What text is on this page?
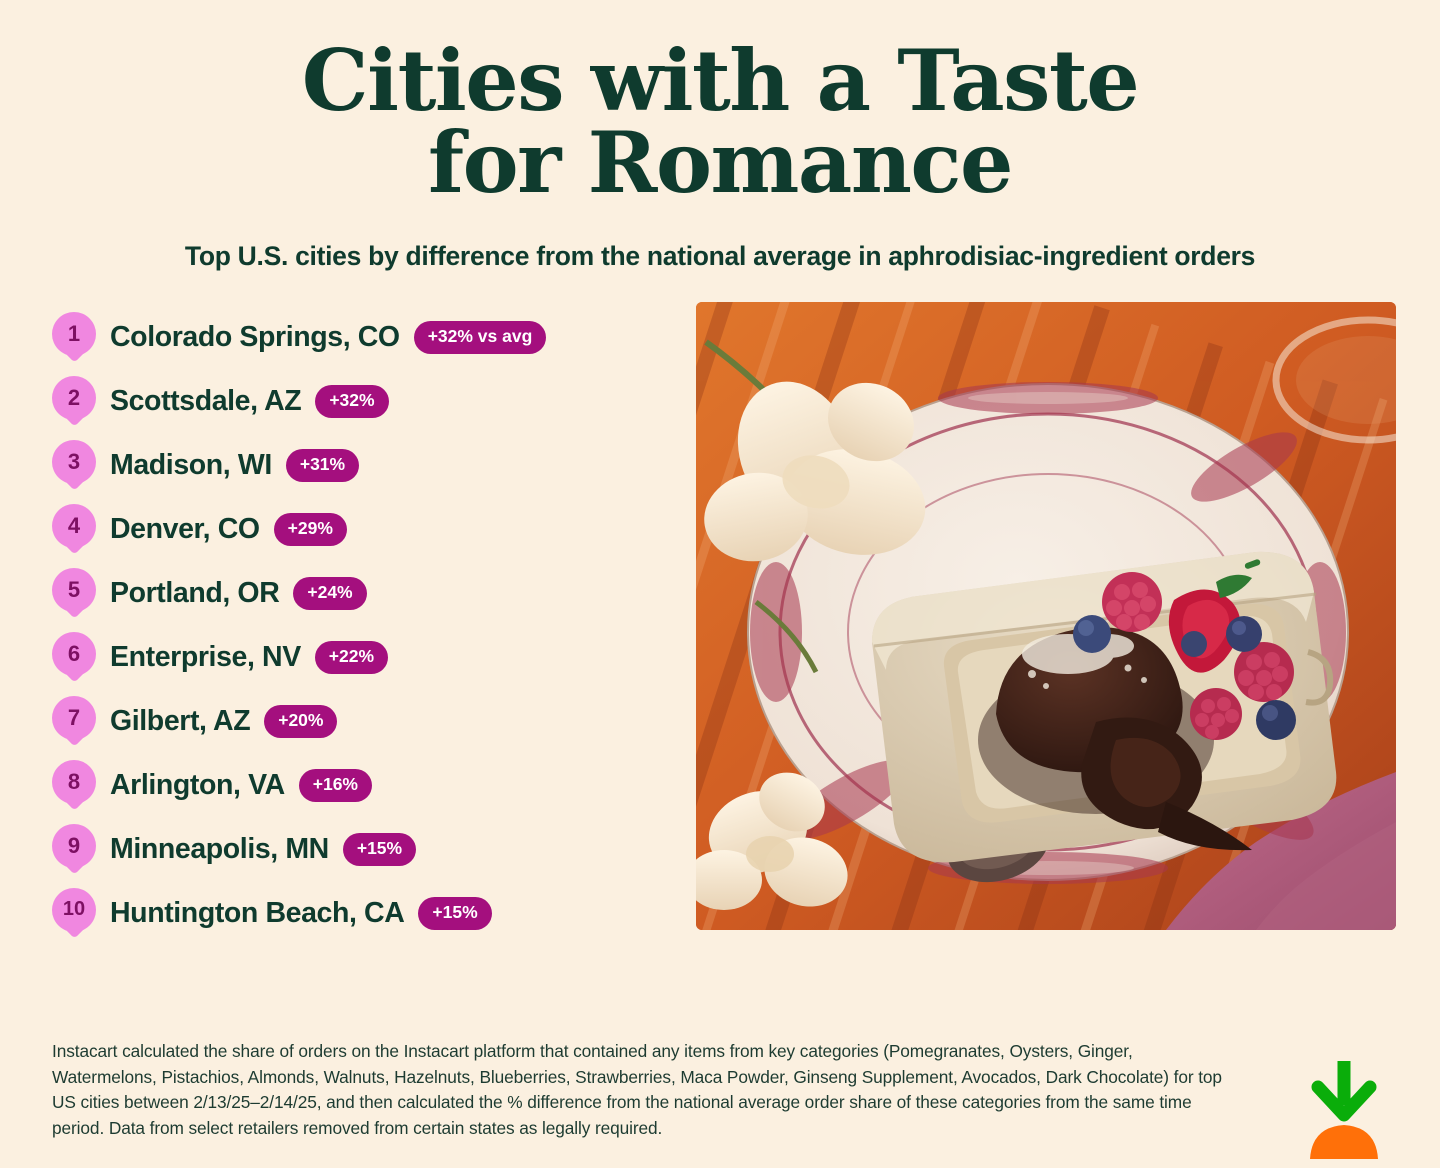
Cities with a Taste
for Romance

Top U.S. cities by difference from the national average in aphrodisiac-ingredient orders

1	Colorado Springs, CO	+32% vs avg
2	Scottsdale, AZ	+32%
3	Madison, WI	+31%
4	Denver, CO	+29%
5	Portland, OR	+24%
6	Enterprise, NV	+22%
7	Gilbert, AZ	+20%
8	Arlington, VA	+16%
9	Minneapolis, MN	+15%
10 Huntington Beach, CA	+15%
Instacart calculated the share of orders on the Instacart platform that contained any items from key categories (Pomegranates, Oysters, Ginger, Watermelons, Pistachios, Almonds, Walnuts, Hazelnuts, Blueberries, Strawberries, Maca Powder, Ginseng Supplement, Avocados, Dark Chocolate) for top US cities between 2/13/25–2/14/25, and then calculated the % difference from the national average order share of these categories from the same time period. Data from select retailers removed from certain states as legally required.
